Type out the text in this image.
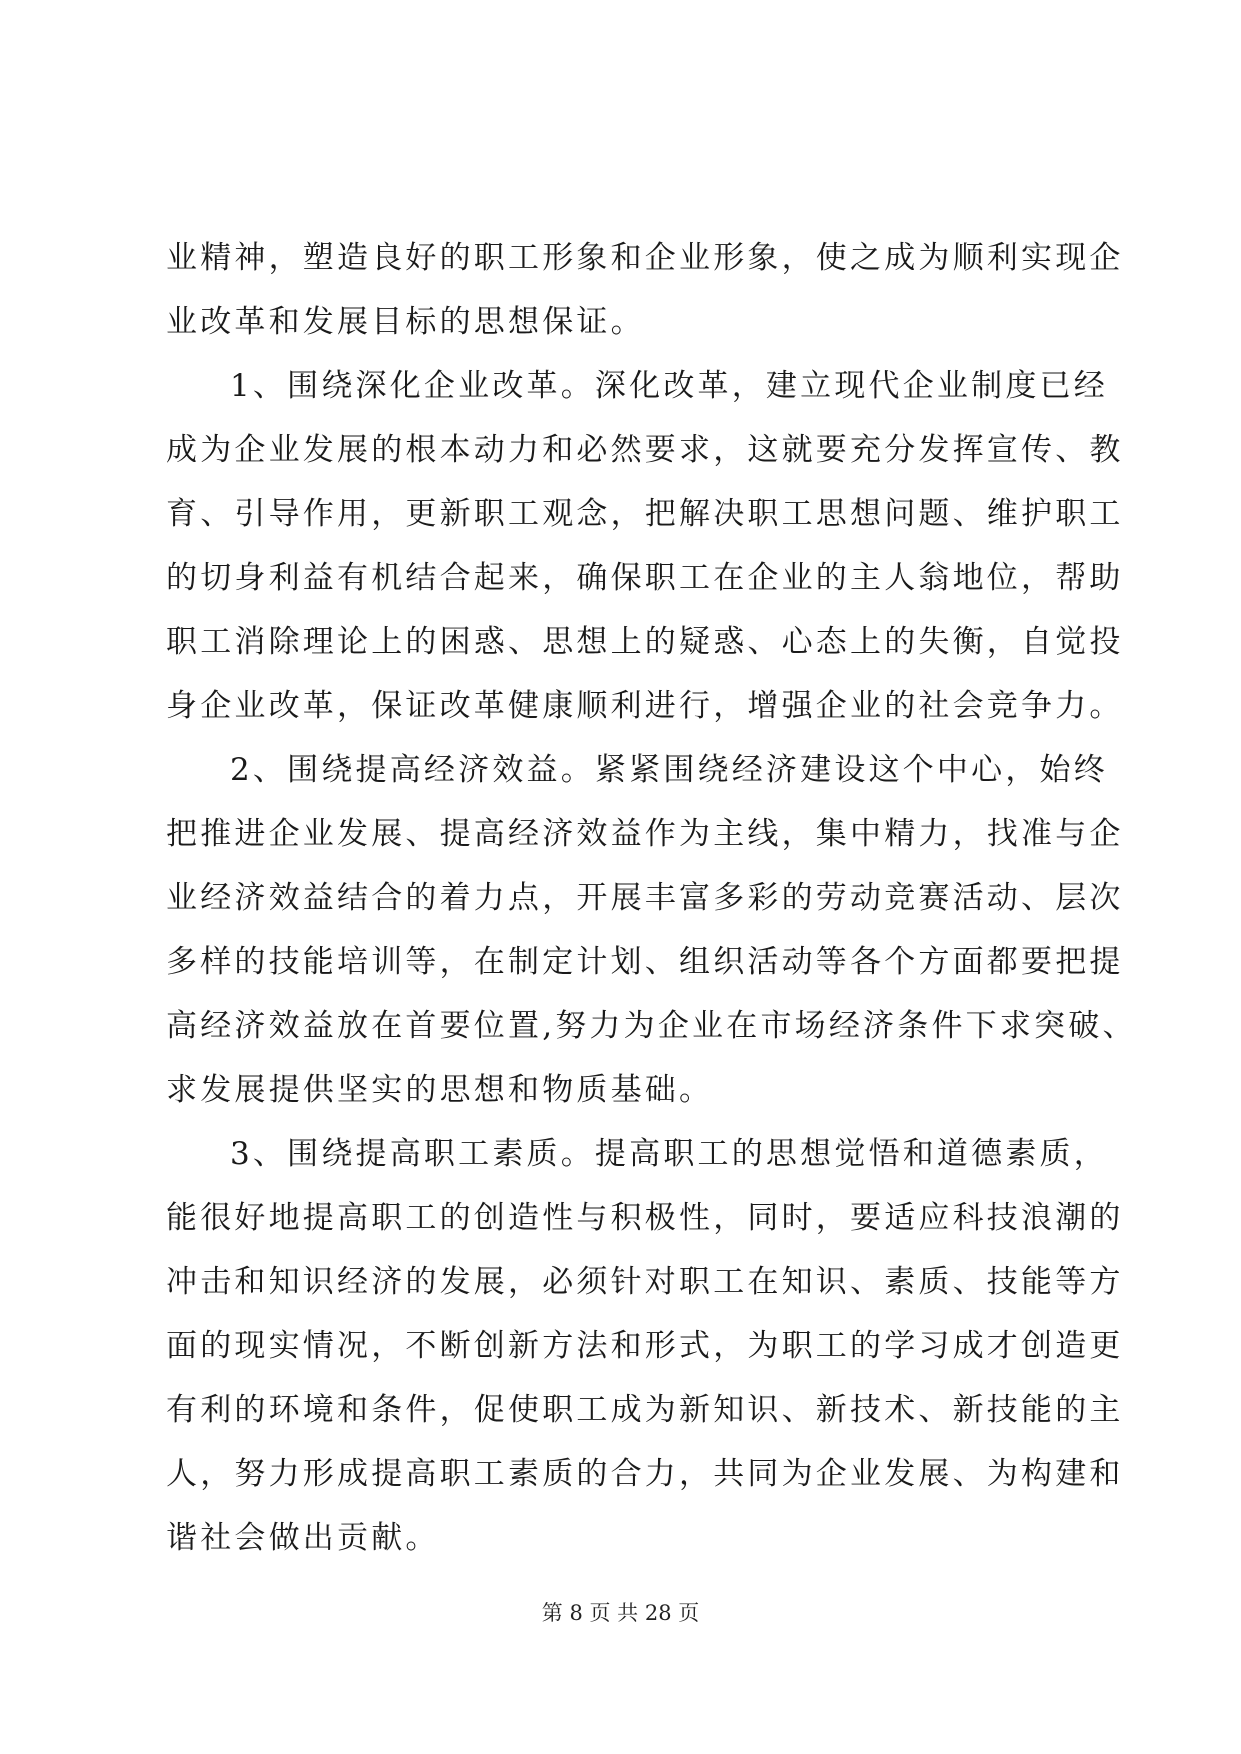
业精神，塑造良好的职工形象和企业形象，使之成为顺利实现企
业改革和发展目标的思想保证。
1、围绕深化企业改革。深化改革，建立现代企业制度已经
成为企业发展的根本动力和必然要求，这就要充分发挥宣传、教
育、引导作用，更新职工观念，把解决职工思想问题、维护职工
的切身利益有机结合起来，确保职工在企业的主人翁地位，帮助
职工消除理论上的困惑、思想上的疑惑、心态上的失衡，自觉投
身企业改革，保证改革健康顺利进行，增强企业的社会竞争力。
2、围绕提高经济效益。紧紧围绕经济建设这个中心，始终
把推进企业发展、提高经济效益作为主线，集中精力，找准与企
业经济效益结合的着力点，开展丰富多彩的劳动竞赛活动、层次
多样的技能培训等，在制定计划、组织活动等各个方面都要把提
高经济效益放在首要位置,努力为企业在市场经济条件下求突破、
求发展提供坚实的思想和物质基础。
3、围绕提高职工素质。提高职工的思想觉悟和道德素质，
能很好地提高职工的创造性与积极性，同时，要适应科技浪潮的
冲击和知识经济的发展，必须针对职工在知识、素质、技能等方
面的现实情况，不断创新方法和形式，为职工的学习成才创造更
有利的环境和条件，促使职工成为新知识、新技术、新技能的主
人，努力形成提高职工素质的合力，共同为企业发展、为构建和
谐社会做出贡献。
第 8 页 共 28 页
